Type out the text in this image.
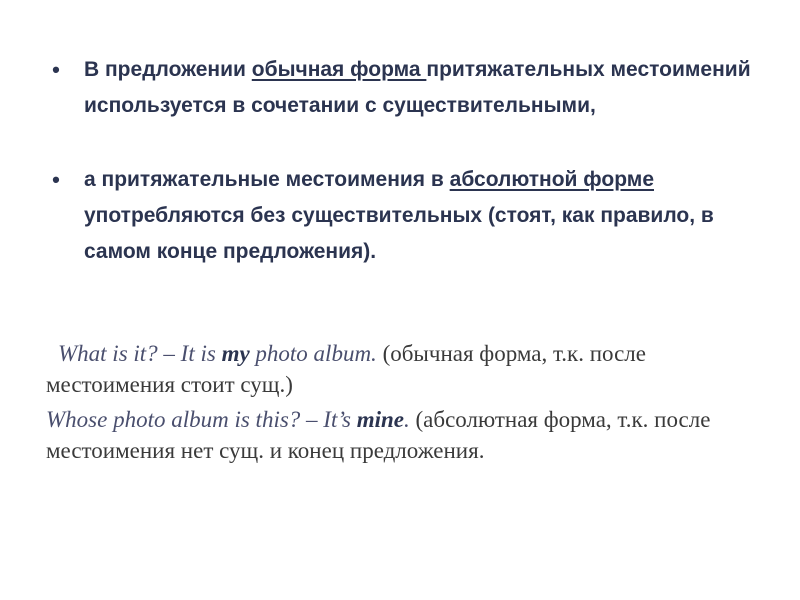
• В предложении обычная форма притяжательных местоимений используется в сочетании с существительными,
• а притяжательные местоимения в абсолютной форме употребляются без существительных (стоят, как правило, в самом конце предложения).

What is it? – It is my photo album. (обычная форма, т.к. после местоимения стоит сущ.)

Whose photo album is this? – It’s mine. (абсолютная форма, т.к. после местоимения нет сущ. и конец предложения.
